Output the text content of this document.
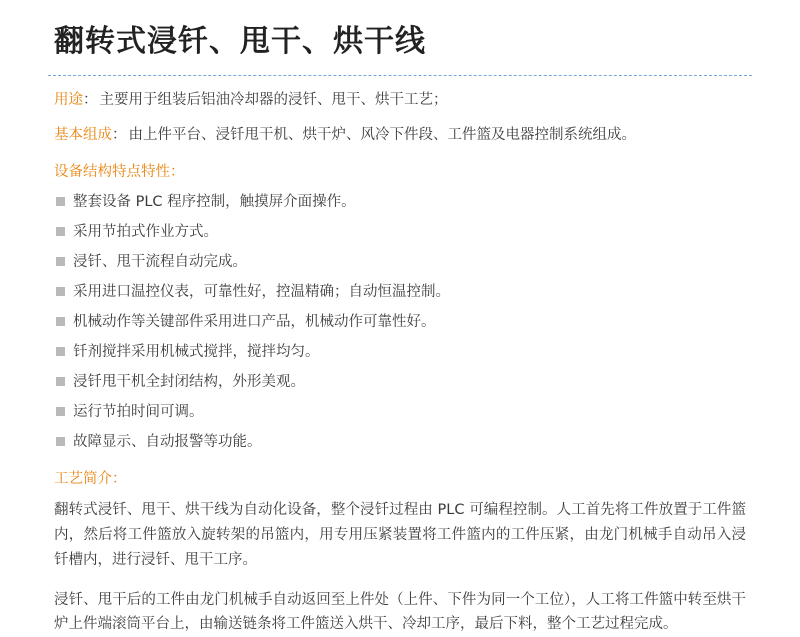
翻转式浸钎、甩干、烘干线
用途 ： 主要用于组装后铝油冷却器的浸钎、甩干、烘干工艺；
基本组成 ： 由上件平台、浸钎甩干机、烘干炉、风冷下件段、工件篮及电器控制系统组成。
设备结构特点特性：
整套设备 PLC 程序控制，触摸屏介面操作。
采用节拍式作业方式。
浸钎、甩干流程自动完成。
采用进口温控仪表，可靠性好，控温精确；自动恒温控制。
机械动作等关键部件采用进口产品，机械动作可靠性好。
钎剂搅拌采用机械式搅拌，搅拌均匀。
浸钎甩干机全封闭结构，外形美观。
运行节拍时间可调。
故障显示、自动报警等功能。
工艺简介：

翻转式浸钎、甩干、烘干线为自动化设备，整个浸钎过程由 PLC 可编程控制。人工首先将工件放置于工件篮内，然后将工件篮放入旋转架的吊篮内，用专用压紧装置将工件篮内的工件压紧，由龙门机械手自动吊入浸钎槽内，进行浸钎、甩干工序。

浸钎、甩干后的工件由龙门机械手自动返回至上件处（上件、下件为同一个工位），人工将工件篮中转至烘干炉上件端滚筒平台上，由输送链条将工件篮送入烘干、冷却工序，最后下料，整个工艺过程完成。
